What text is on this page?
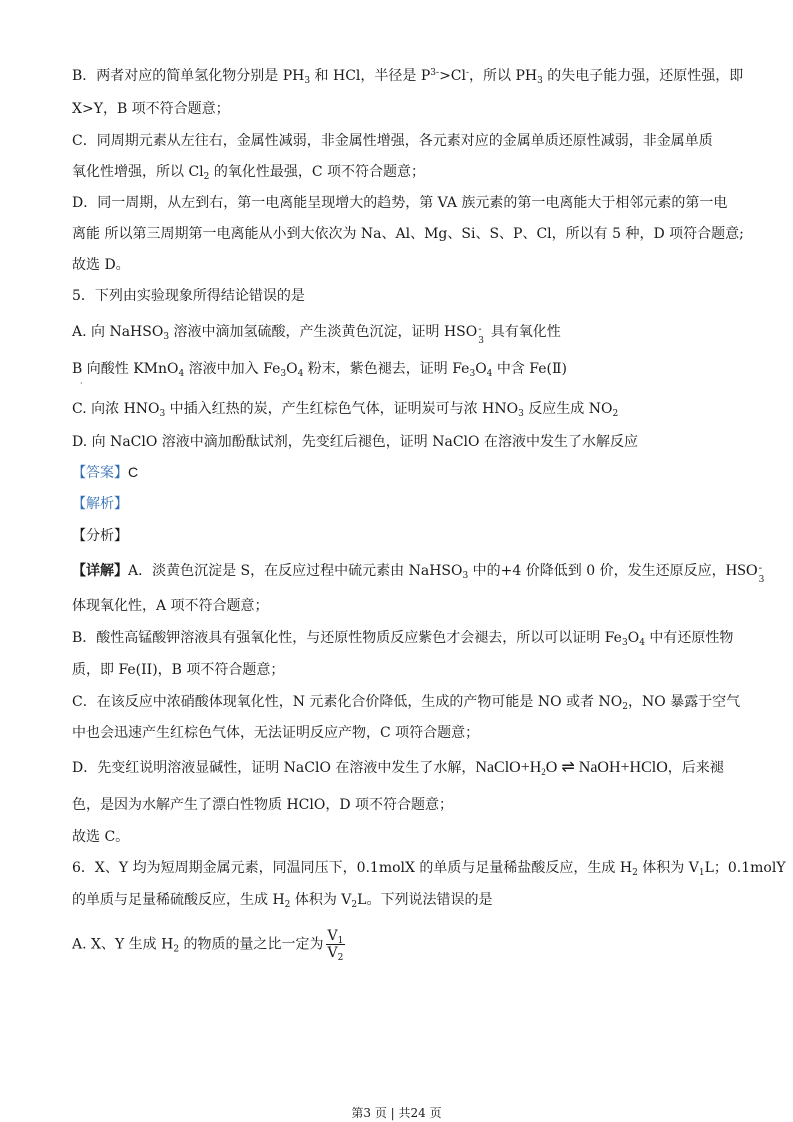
B．两者对应的简单氢化物分别是 $PH_3$ 和 HCl，半径是 $P^{3-}>Cl^-$，所以 $PH_3$ 的失电子能力强，还原性强，即
X>Y，B 项不符合题意；
C．同周期元素从左往右，金属性减弱，非金属性增强，各元素对应的金属单质还原性减弱，非金属单质
氧化性增强，所以 $Cl_2$ 的氧化性最强，C 项不符合题意；
D．同一周期，从左到右，第一电离能呈现增大的趋势，第 VA 族元素的第一电离能大于相邻元素的第一电
离能 所以第三周期第一电离能从小到大依次为 Na、Al、Mg、Si、S、P、Cl，所以有 5 种，D 项符合题意;
故选 D。
5．下列由实验现象所得结论错误的是
A. 向 NaHSO$_3$ 溶液中滴加氢硫酸，产生淡黄色沉淀，证明 HSO -
3
具有氧化性
B 向酸性 KMnO$_4$ 溶液中加入 $Fe_3O_4$ 粉末，紫色褪去，证明 $Fe_3O_4$ 中含 Fe(Ⅱ)
·
C. 向浓 $HNO_3$ 中插入红热的炭，产生红棕色气体，证明炭可与浓 $HNO_3$ 反应生成 $NO_2$
D. 向 NaClO 溶液中滴加酚酞试剂，先变红后褪色，证明 NaClO 在溶液中发生了水解反应
【答案】C
【解析】
【分析】
【详解】A．淡黄色沉淀是 S，在反应过程中硫元素由 NaHSO$_3$ 中的+4 价降低到 0 价，发生还原反应，HSO -
3
体现氧化性，A 项不符合题意；
B．酸性高锰酸钾溶液具有强氧化性，与还原性物质反应紫色才会褪去，所以可以证明 $Fe_3O_4$ 中有还原性物
质，即 Fe(II)，B 项不符合题意；
C．在该反应中浓硝酸体现氧化性，N 元素化合价降低，生成的产物可能是 NO 或者 $NO_2$，NO 暴露于空气
中也会迅速产生红棕色气体，无法证明反应产物，C 项符合题意；
D．先变红说明溶液显碱性，证明 NaClO 在溶液中发生了水解，$NaClO+H_2O$ ⇌ NaOH+HClO，后来褪
色，是因为水解产生了漂白性物质 HClO，D 项不符合题意；
故选 C。
6．X、Y 均为短周期金属元素，同温同压下，0.1molX 的单质与足量稀盐酸反应，生成 $H_2$ 体积为 $V_1L$；0.1molY
的单质与足量稀硫酸反应，生成 $H_2$ 体积为 $V_2L$。下列说法错误的是
A. X、Y 生成 $H_2$ 的物质的量之比一定为 $\frac{V_1}{V_2}$
第3 页 | 共24 页
